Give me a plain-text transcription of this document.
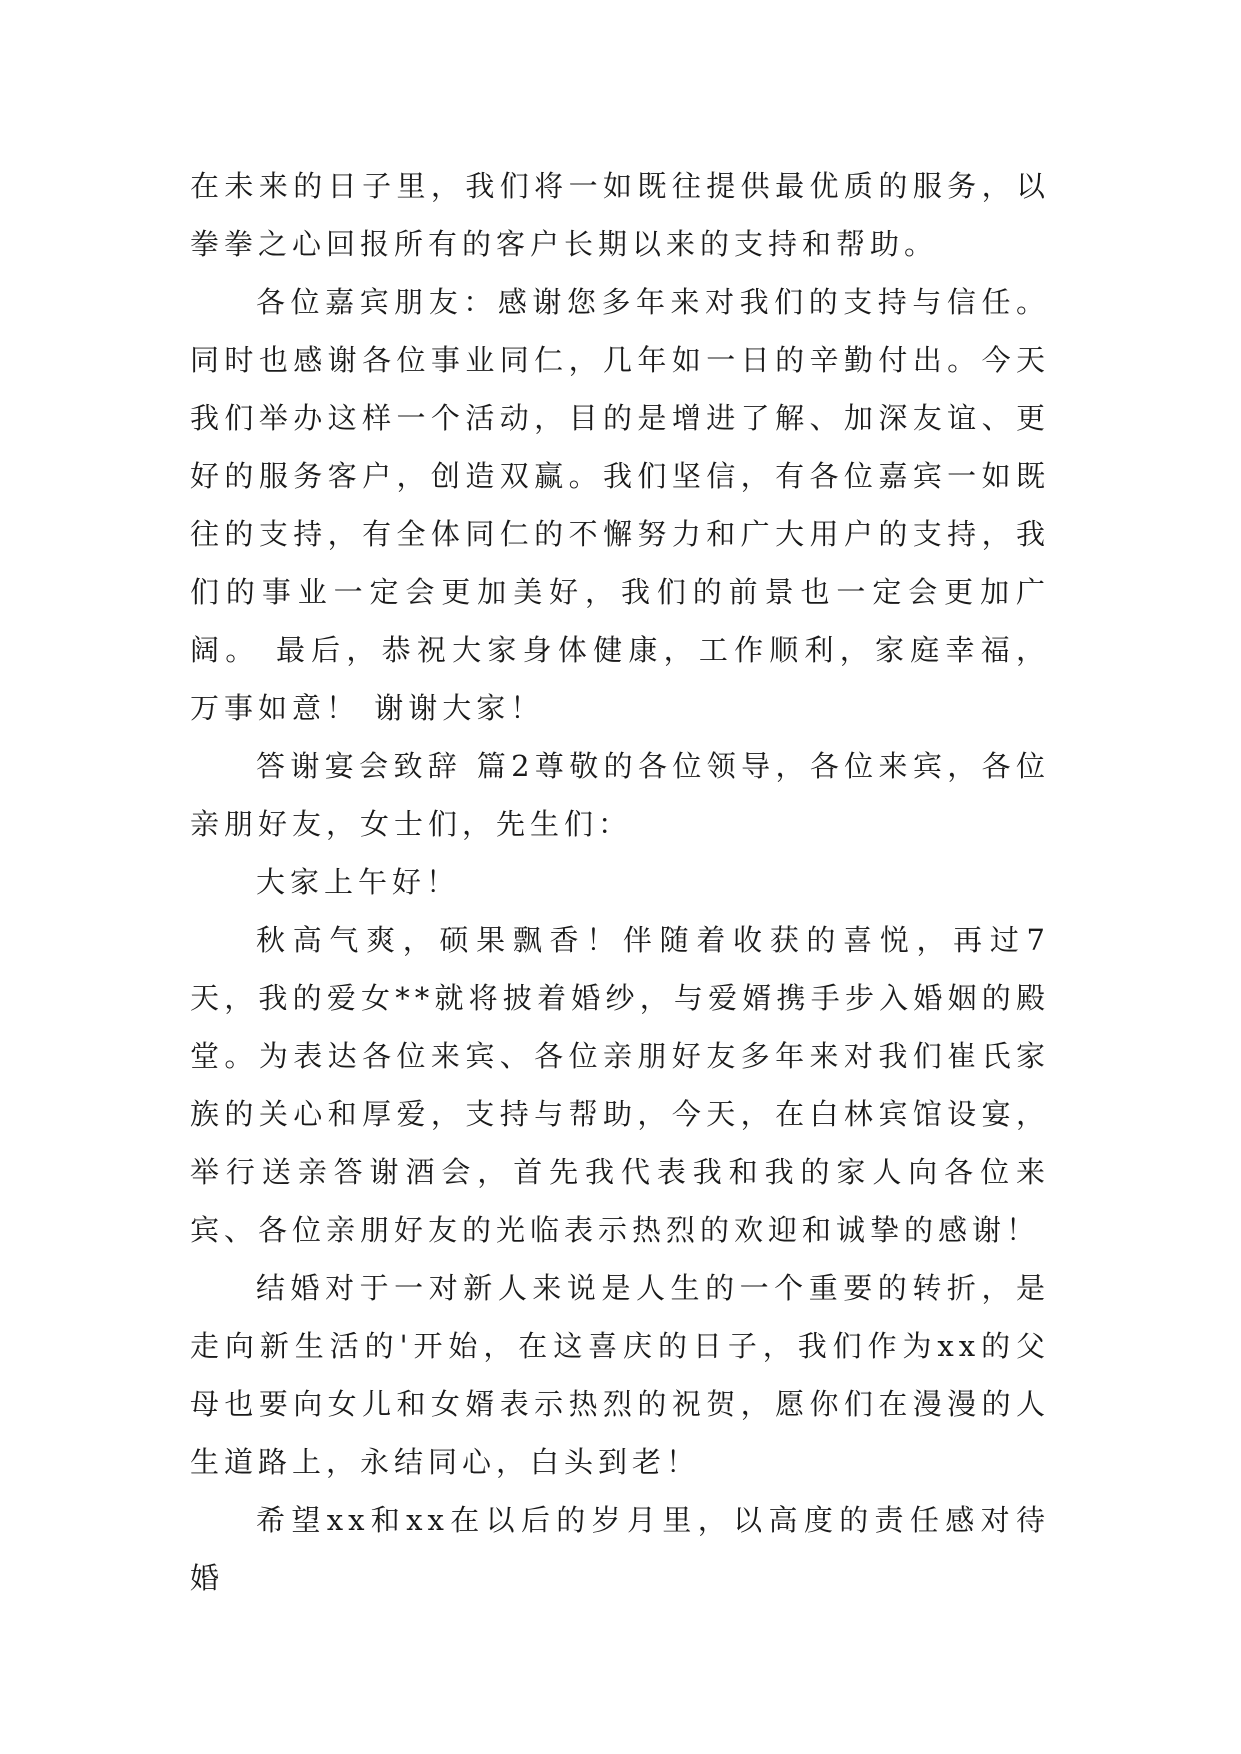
在未来的日子里，我们将一如既往提供最优质的服务，以拳拳之心回报所有的客户长期以来的支持和帮助。

各位嘉宾朋友：感谢您多年来对我们的支持与信任。同时也感谢各位事业同仁，几年如一日的辛勤付出。今天我们举办这样一个活动，目的是增进了解、加深友谊、更好的服务客户，创造双赢。我们坚信，有各位嘉宾一如既往的支持，有全体同仁的不懈努力和广大用户的支持，我们的事业一定会更加美好，我们的前景也一定会更加广阔。 最后，恭祝大家身体健康，工作顺利，家庭幸福，万事如意！ 谢谢大家！

答谢宴会致辞 篇2尊敬的各位领导，各位来宾，各位亲朋好友，女士们，先生们：

大家上午好！

秋高气爽，硕果飘香！伴随着收获的喜悦，再过7天，我的爱女**就将披着婚纱，与爱婿携手步入婚姻的殿堂。为表达各位来宾、各位亲朋好友多年来对我们崔氏家族的关心和厚爱，支持与帮助，今天，在白林宾馆设宴，举行送亲答谢酒会，首先我代表我和我的家人向各位来宾、各位亲朋好友的光临表示热烈的欢迎和诚挚的感谢！

结婚对于一对新人来说是人生的一个重要的转折，是走向新生活的'开始，在这喜庆的日子，我们作为xx的父母也要向女儿和女婿表示热烈的祝贺，愿你们在漫漫的人生道路上，永结同心，白头到老！

希望xx和xx在以后的岁月里，以高度的责任感对待婚
